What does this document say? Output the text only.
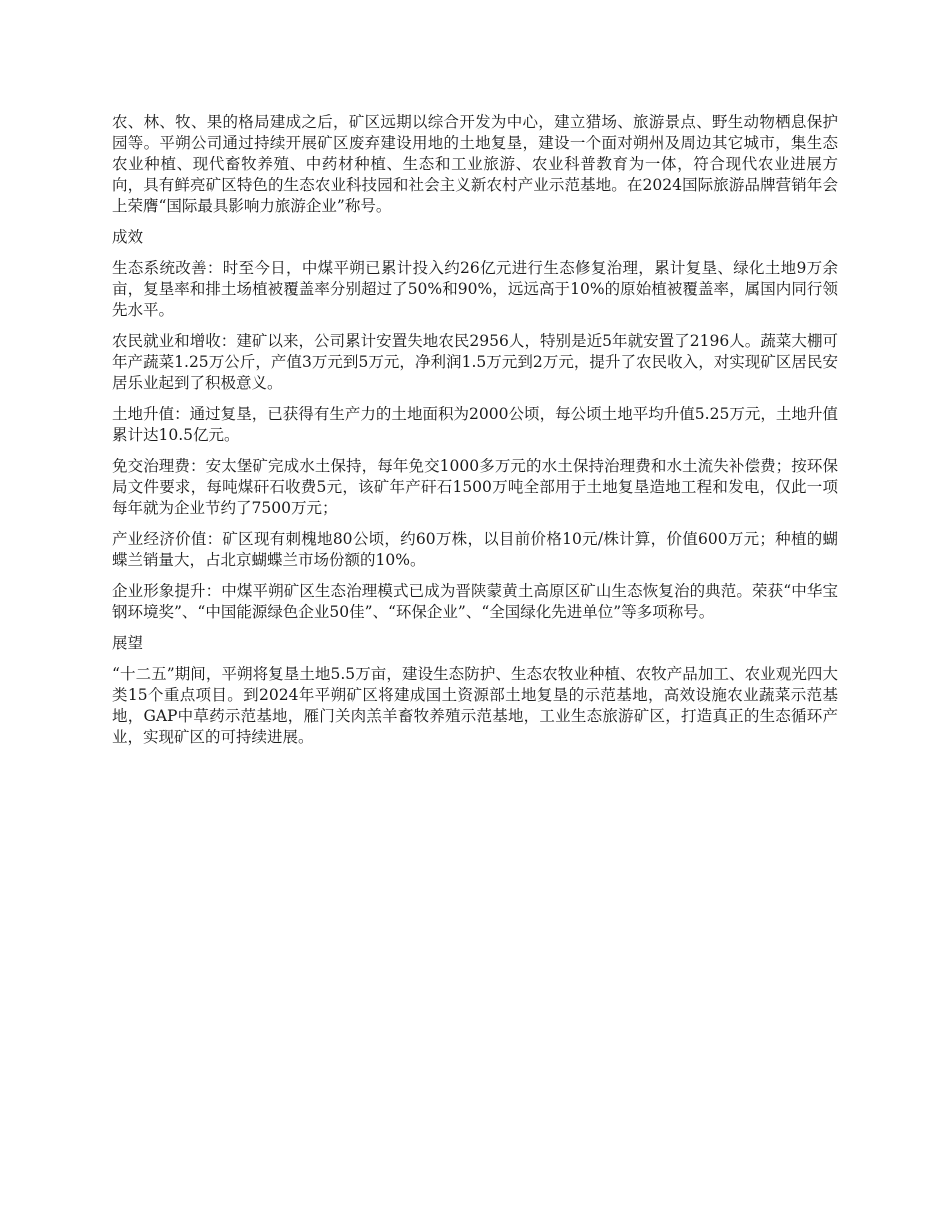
农、林、牧、果的格局建成之后，矿区远期以综合开发为中心，建立猎场、旅游景点、野生动物栖息保护园等。平朔公司通过持续开展矿区废弃建设用地的土地复垦，建设一个面对朔州及周边其它城市，集生态农业种植、现代畜牧养殖、中药材种植、生态和工业旅游、农业科普教育为一体，符合现代农业进展方向，具有鲜亮矿区特色的生态农业科技园和社会主义新农村产业示范基地。在2024国际旅游品牌营销年会上荣膺“国际最具影响力旅游企业”称号。

成效

生态系统改善：时至今日，中煤平朔已累计投入约26亿元进行生态修复治理，累计复垦、绿化土地9万余亩，复垦率和排土场植被覆盖率分别超过了50%和90%，远远高于10%的原始植被覆盖率，属国内同行领先水平。

农民就业和增收：建矿以来，公司累计安置失地农民2956人，特别是近5年就安置了2196人。蔬菜大棚可年产蔬菜1.25万公斤，产值3万元到5万元，净利润1.5万元到2万元，提升了农民收入，对实现矿区居民安居乐业起到了积极意义。

土地升值：通过复垦，已获得有生产力的土地面积为2000公顷，每公顷土地平均升值5.25万元，土地升值累计达10.5亿元。

免交治理费：安太堡矿完成水土保持，每年免交1000多万元的水土保持治理费和水土流失补偿费；按环保局文件要求，每吨煤矸石收费5元，该矿年产矸石1500万吨全部用于土地复垦造地工程和发电，仅此一项每年就为企业节约了7500万元；

产业经济价值：矿区现有刺槐地80公顷，约60万株，以目前价格10元/株计算，价值600万元；种植的蝴蝶兰销量大，占北京蝴蝶兰市场份额的10%。

企业形象提升：中煤平朔矿区生态治理模式已成为晋陕蒙黄土高原区矿山生态恢复治的典范。荣获“中华宝钢环境奖”、“中国能源绿色企业50佳”、“环保企业”、“全国绿化先进单位”等多项称号。

展望

“十二五”期间，平朔将复垦土地5.5万亩，建设生态防护、生态农牧业种植、农牧产品加工、农业观光四大类15个重点项目。到2024年平朔矿区将建成国土资源部土地复垦的示范基地，高效设施农业蔬菜示范基地，GAP中草药示范基地，雁门关肉羔羊畜牧养殖示范基地，工业生态旅游矿区，打造真正的生态循环产业，实现矿区的可持续进展。
